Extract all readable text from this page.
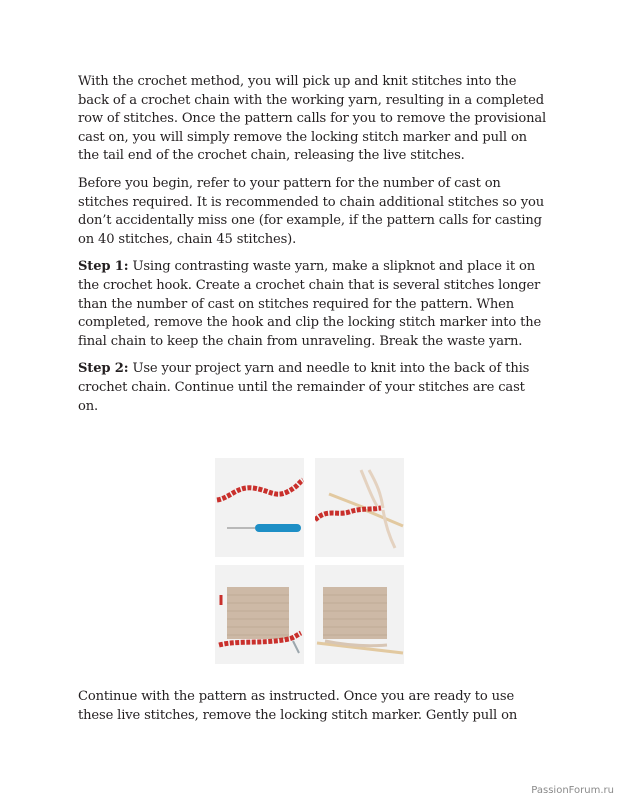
With the crochet method, you will pick up and knit stitches into the back of a crochet chain with the working yarn, resulting in a completed row of stitches. Once the pattern calls for you to remove the provisional cast on, you will simply remove the locking stitch marker and pull on the tail end of the crochet chain, releasing the live stitches.

Before you begin, refer to your pattern for the number of cast on stitches required. It is recommended to chain additional stitches so you don’t accidentally miss one (for example, if the pattern calls for casting on 40 stitches, chain 45 stitches).

Step 1: Using contrasting waste yarn, make a slipknot and place it on the crochet hook. Create a crochet chain that is several stitches longer than the number of cast on stitches required for the pattern. When completed, remove the hook and clip the locking stitch marker into the final chain to keep the chain from unraveling. Break the waste yarn.

Step 2: Use your project yarn and needle to knit into the back of this crochet chain. Continue until the remainder of your stitches are cast on.

Continue with the pattern as instructed. Once you are ready to use these live stitches, remove the locking stitch marker. Gently pull on

PassionForum.ru
